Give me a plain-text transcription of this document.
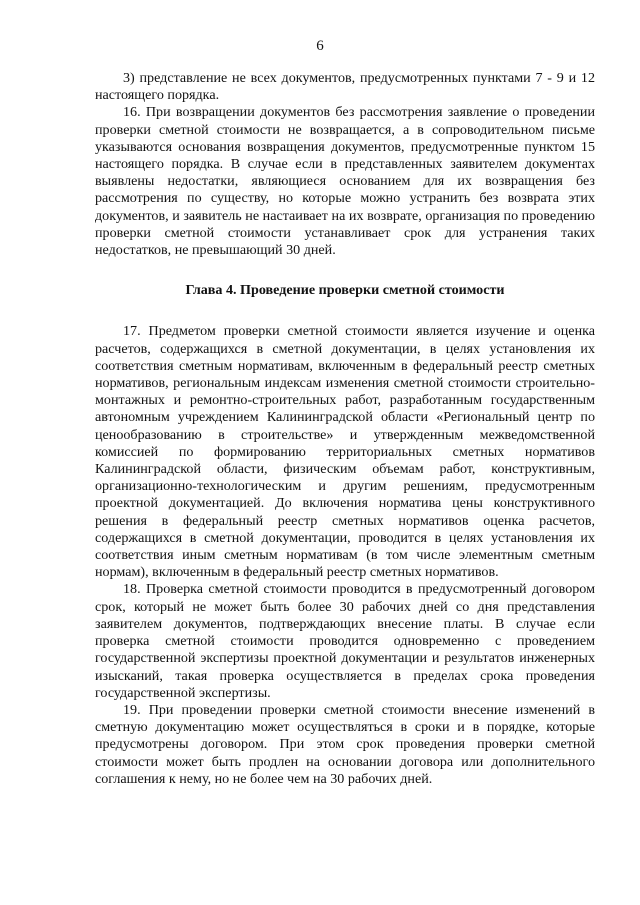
6

3) представление не всех документов, предусмотренных пунктами 7 - 9 и 12 настоящего порядка.

16. При возвращении документов без рассмотрения заявление о проведении проверки сметной стоимости не возвращается, а в сопроводительном письме указываются основания возвращения документов, предусмотренные пунктом 15 настоящего порядка. В случае если в представленных заявителем документах выявлены недостатки, являющиеся основанием для их возвращения без рассмотрения по существу, но которые можно устранить без возврата этих документов, и заявитель не настаивает на их возврате, организация по проведению проверки сметной стоимости устанавливает срок для устранения таких недостатков, не превышающий 30 дней.

Глава 4. Проведение проверки сметной стоимости

17. Предметом проверки сметной стоимости является изучение и оценка расчетов, содержащихся в сметной документации, в целях установления их соответствия сметным нормативам, включенным в федеральный реестр сметных нормативов, региональным индексам изменения сметной стоимости строительно-монтажных и ремонтно-строительных работ, разработанным государственным автономным учреждением Калининградской области «Региональный центр по ценообразованию в строительстве» и утвержденным межведомственной комиссией по формированию территориальных сметных нормативов Калининградской области, физическим объемам работ, конструктивным, организационно-технологическим и другим решениям, предусмотренным проектной документацией. До включения норматива цены конструктивного решения в федеральный реестр сметных нормативов оценка расчетов, содержащихся в сметной документации, проводится в целях установления их соответствия иным сметным нормативам (в том числе элементным сметным нормам), включенным в федеральный реестр сметных нормативов.

18. Проверка сметной стоимости проводится в предусмотренный договором срок, который не может быть более 30 рабочих дней со дня представления заявителем документов, подтверждающих внесение платы. В случае если проверка сметной стоимости проводится одновременно с проведением государственной экспертизы проектной документации и результатов инженерных изысканий, такая проверка осуществляется в пределах срока проведения государственной экспертизы.

19. При проведении проверки сметной стоимости внесение изменений в сметную документацию может осуществляться в сроки и в порядке, которые предусмотрены договором. При этом срок проведения проверки сметной стоимости может быть продлен на основании договора или дополнительного соглашения к нему, но не более чем на 30 рабочих дней.
